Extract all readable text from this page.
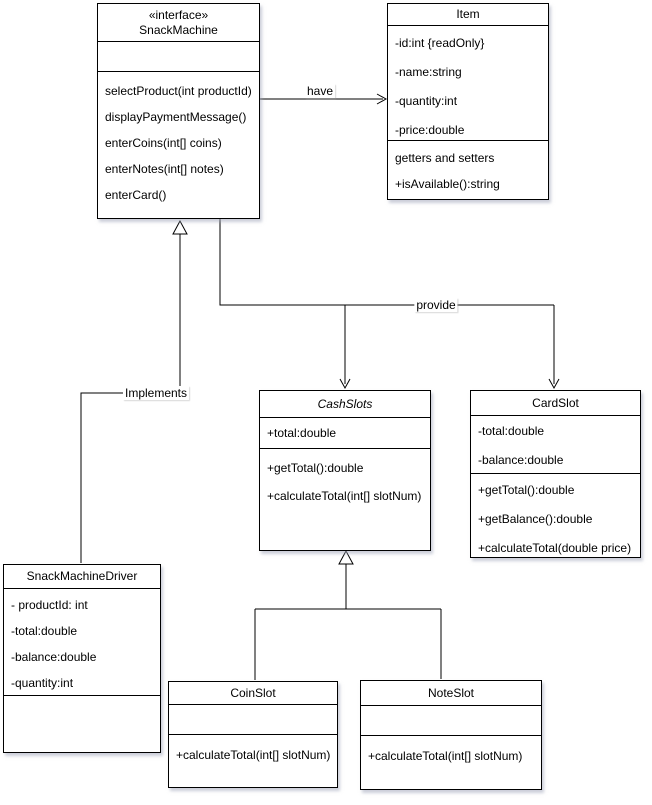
have
provide
Implements
«interface»
SnackMachine
selectProduct(int productId)
displayPaymentMessage()
enterCoins(int[] coins)
enterNotes(int[] notes)
enterCard()
Item
-id:int {readOnly}
-name:string
-quantity:int
-price:double
getters and setters
+isAvailable():string
CashSlots
+total:double
+getTotal():double
+calculateTotal(int[] slotNum)
CardSlot
-total:double
-balance:double
+getTotal():double
+getBalance():double
+calculateTotal(double price)
SnackMachineDriver
- productId: int
-total:double
-balance:double
-quantity:int
CoinSlot
+calculateTotal(int[] slotNum)
NoteSlot
+calculateTotal(int[] slotNum)
